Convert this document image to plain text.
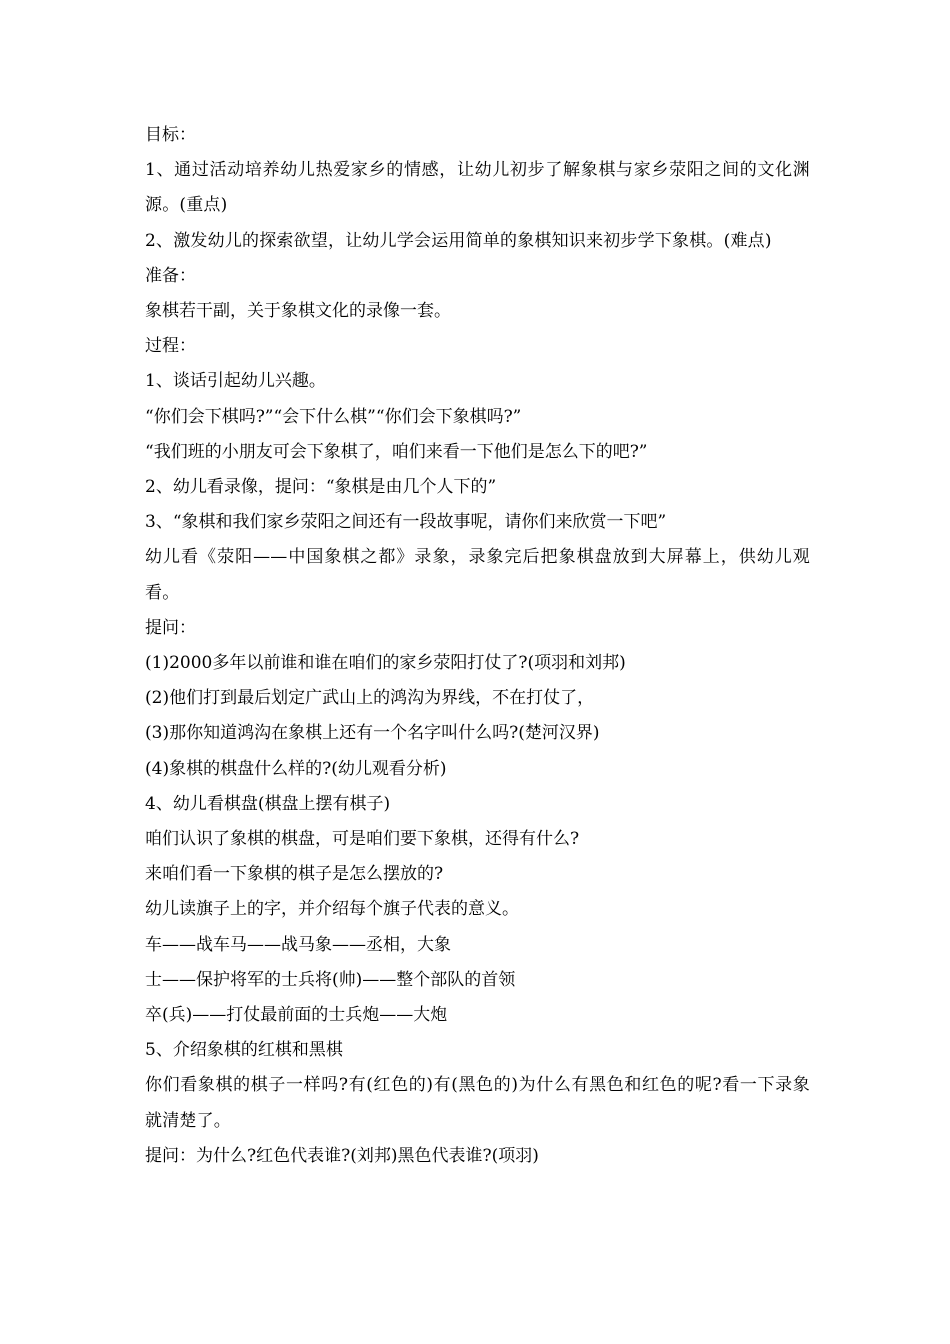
目标：

1、通过活动培养幼儿热爱家乡的情感，让幼儿初步了解象棋与家乡荥阳之间的文化渊源。(重点)

2、激发幼儿的探索欲望，让幼儿学会运用简单的象棋知识来初步学下象棋。(难点)

准备：

象棋若干副，关于象棋文化的录像一套。

过程：

1、谈话引起幼儿兴趣。

“你们会下棋吗?”“会下什么棋”“你们会下象棋吗?”

“我们班的小朋友可会下象棋了，咱们来看一下他们是怎么下的吧?”

2、幼儿看录像，提问：“象棋是由几个人下的”

3、“象棋和我们家乡荥阳之间还有一段故事呢，请你们来欣赏一下吧”

幼儿看《荥阳——中国象棋之都》录象，录象完后把象棋盘放到大屏幕上，供幼儿观看。

提问：

(1)2000多年以前谁和谁在咱们的家乡荥阳打仗了?(项羽和刘邦)

(2)他们打到最后划定广武山上的鸿沟为界线，不在打仗了，

(3)那你知道鸿沟在象棋上还有一个名字叫什么吗?(楚河汉界)

(4)象棋的棋盘什么样的?(幼儿观看分析)

4、幼儿看棋盘(棋盘上摆有棋子)

咱们认识了象棋的棋盘，可是咱们要下象棋，还得有什么?

来咱们看一下象棋的棋子是怎么摆放的?

幼儿读旗子上的字，并介绍每个旗子代表的意义。

车——战车马——战马象——丞相，大象

士——保护将军的士兵将(帅)——整个部队的首领

卒(兵)——打仗最前面的士兵炮——大炮

5、介绍象棋的红棋和黑棋

你们看象棋的棋子一样吗?有(红色的)有(黑色的)为什么有黑色和红色的呢?看一下录象就清楚了。

提问：为什么?红色代表谁?(刘邦)黑色代表谁?(项羽)
